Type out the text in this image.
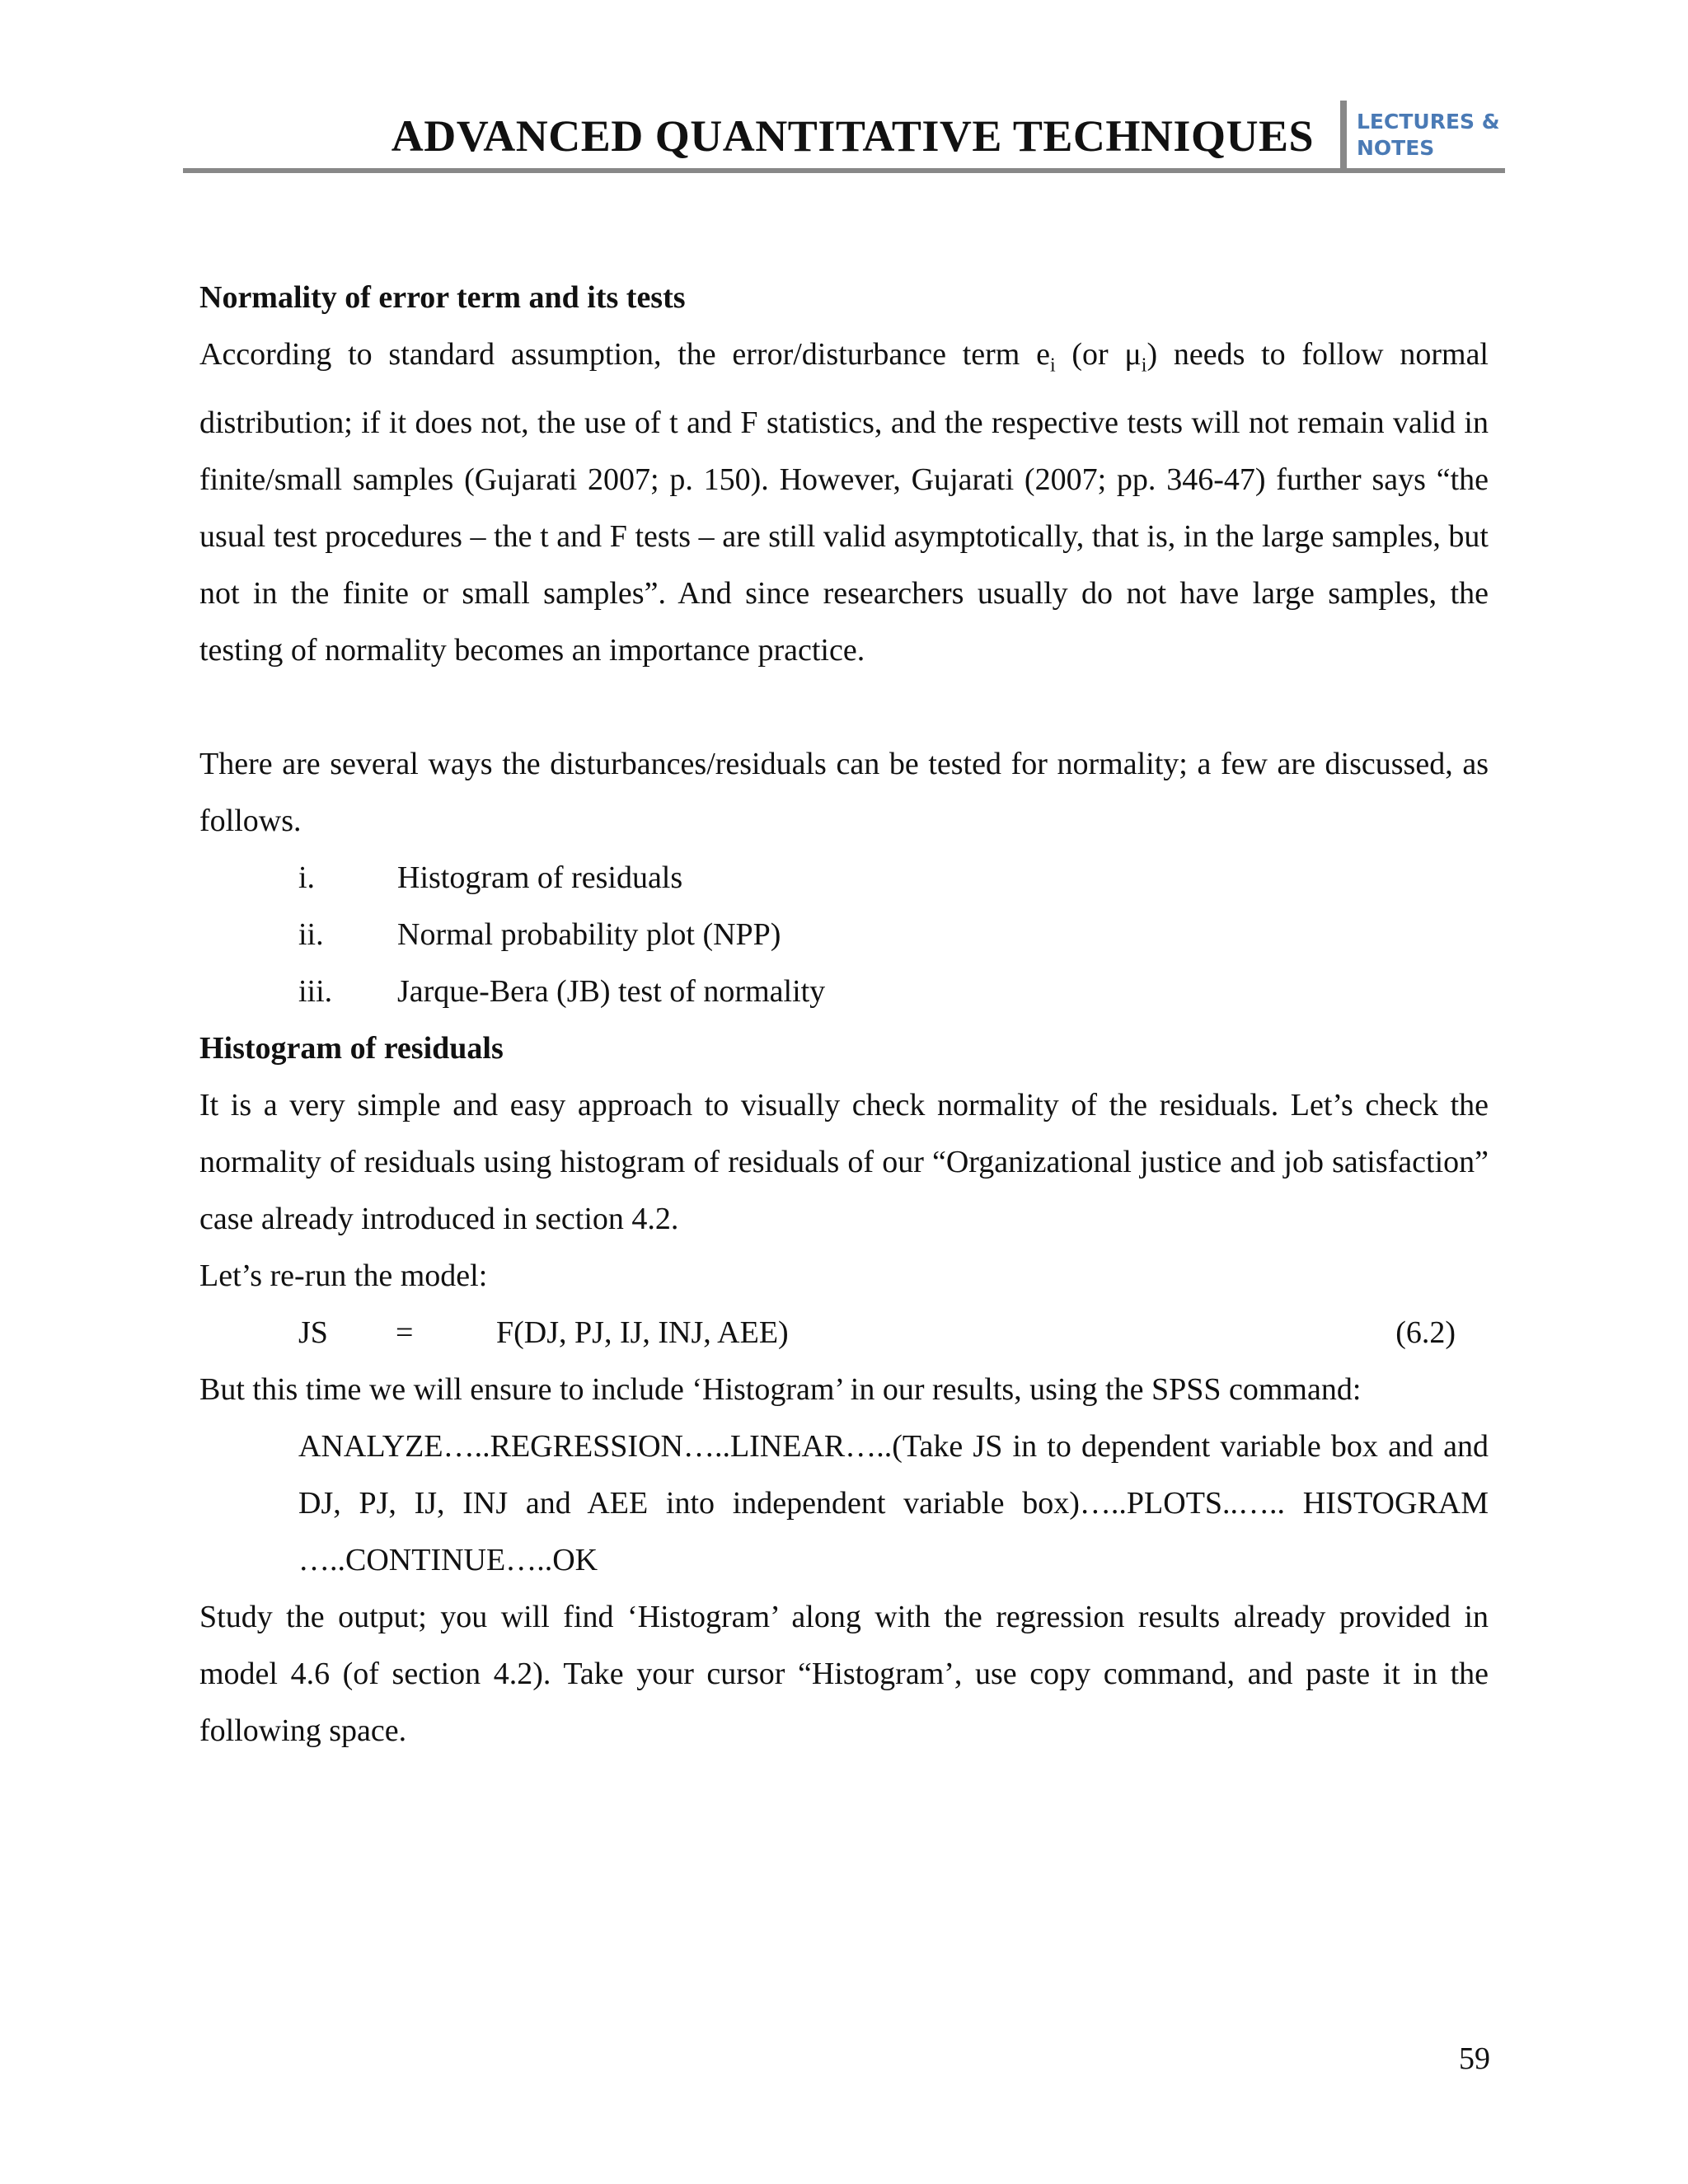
ADVANCED QUANTITATIVE TECHNIQUES LECTURES &
NOTES

Normality of error term and its tests

According to standard assumption, the error/disturbance term $e_i$ (or $\mu_i$) needs to follow normal distribution; if it does not, the use of t and F statistics, and the respective tests will not remain valid in finite/small samples (Gujarati 2007; p. 150). However, Gujarati (2007; pp. 346-47) further says “the usual test procedures – the t and F tests – are still valid asymptotically, that is, in the large samples, but not in the finite or small samples”. And since researchers usually do not have large samples, the testing of normality becomes an importance practice.

There are several ways the disturbances/residuals can be tested for normality; a few are discussed, as follows.

i.	Histogram of residuals
ii. Normal probability plot (NPP)
iii. Jarque-Bera (JB) test of normality

Histogram of residuals

It is a very simple and easy approach to visually check normality of the residuals. Let’s check the normality of residuals using histogram of residuals of our “Organizational justice and job satisfaction” case already introduced in section 4.2.

Let’s re-run the model:

JS =	F(DJ, PJ, IJ, INJ, AEE)	(6.2)

But this time we will ensure to include ‘Histogram’ in our results, using the SPSS command:

ANALYZE…..REGRESSION…..LINEAR…..(Take JS in to dependent variable box and and DJ, PJ, IJ, INJ and AEE into independent variable box)…..PLOTS..….. HISTOGRAM …..CONTINUE…..OK

Study the output; you will find ‘Histogram’ along with the regression results already provided in model 4.6 (of section 4.2). Take your cursor “Histogram’, use copy command, and paste it in the following space.

59
